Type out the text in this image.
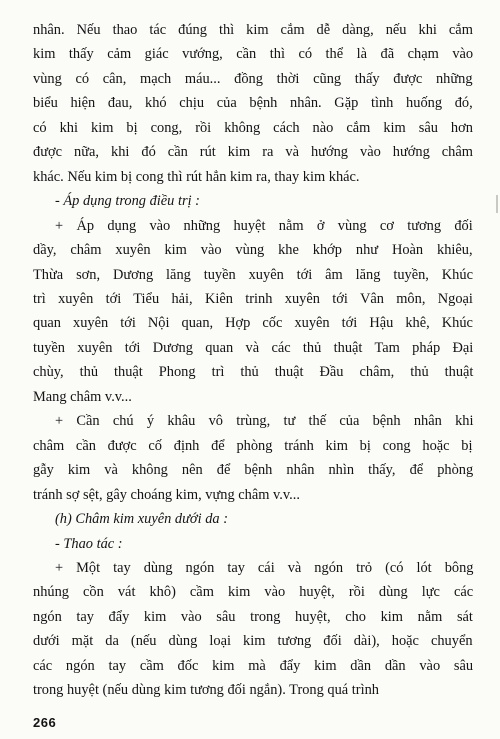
nhân. Nếu thao tác đúng thì kim cắm dễ dàng, nếu khi cắm
kim thấy cảm giác vướng, cần thì có thể là đã chạm vào
vùng có cân, mạch máu... đồng thời cũng thấy được những
biểu hiện đau, khó chịu của bệnh nhân. Gặp tình huống đó,
có khi kim bị cong, rồi không cách nào cắm kim sâu hơn
được nữa, khi đó cần rút kim ra và hướng vào hướng châm
khác. Nếu kim bị cong thì rút hẳn kim ra, thay kim khác.

- Áp dụng trong điều trị :

+ Áp dụng vào những huyệt nằm ở vùng cơ tương đối
dầy, châm xuyên kim vào vùng khe khớp như Hoàn khiêu,
Thừa sơn, Dương lăng tuyền xuyên tới âm lăng tuyền, Khúc
trì xuyên tới Tiểu hải, Kiên trinh xuyên tới Vân môn, Ngoại
quan xuyên tới Nội quan, Hợp cốc xuyên tới Hậu khê, Khúc
tuyền xuyên tới Dương quan và các thủ thuật Tam pháp Đại
chùy, thủ thuật Phong trì thủ thuật Đầu châm, thủ thuật
Mang châm v.v...

+ Cần chú ý khâu vô trùng, tư thế của bệnh nhân khi
châm cần được cố định để phòng tránh kim bị cong hoặc bị
gẫy kim và không nên để bệnh nhân nhìn thấy, để phòng
tránh sợ sệt, gây choáng kim, vựng châm v.v...

(h) Châm kim xuyên dưới da :

- Thao tác :

+ Một tay dùng ngón tay cái và ngón trỏ (có lót bông
nhúng cồn vát khô) cầm kim vào huyệt, rồi dùng lực các
ngón tay đẩy kim vào sâu trong huyệt, cho kim nằm sát
dưới mặt da (nếu dùng loại kim tương đối dài), hoặc chuyển
các ngón tay cầm đốc kim mà đẩy kim dần dần vào sâu
trong huyệt (nếu dùng kim tương đối ngắn). Trong quá trình

266
